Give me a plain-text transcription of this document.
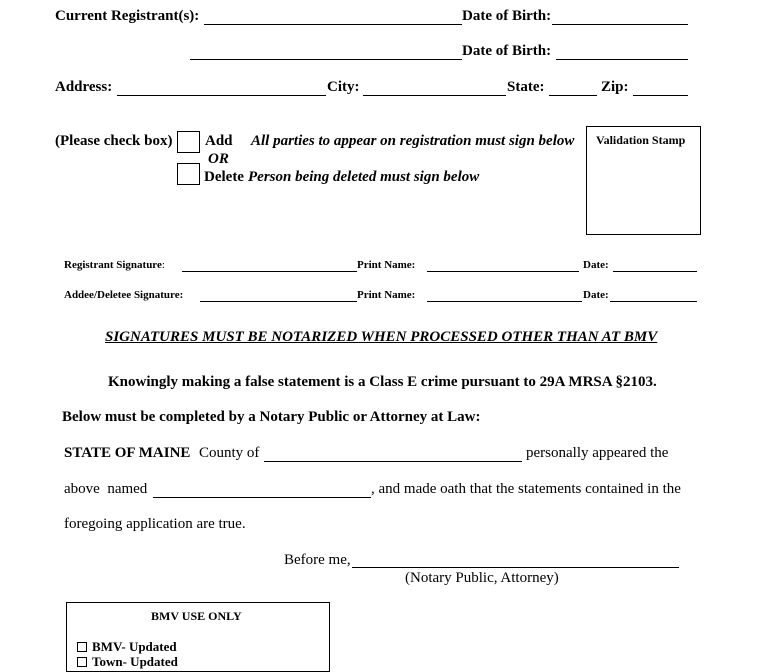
Current Registrant(s):	Date of Birth:
Date of Birth:
Address:	City:	State:	Zip:
(Please check box) Add All parties to appear on registration must sign below
OR
Delete Person being deleted must sign below
Validation Stamp
Registrant Signature:	Print Name:	Date:
Addee/Deletee Signature:	Print Name:	Date:
SIGNATURES MUST BE NOTARIZED WHEN PROCESSED OTHER THAN AT BMV
Knowingly making a false statement is a Class E crime pursuant to 29A MRSA §2103.
Below must be completed by a Notary Public or Attorney at Law:
STATE OF MAINE County of	personally appeared the
above  named	, and made oath that the statements contained in the
foregoing application are true.
Before me,
(Notary Public, Attorney)
BMV USE ONLY
BMV- Updated
Town- Updated
